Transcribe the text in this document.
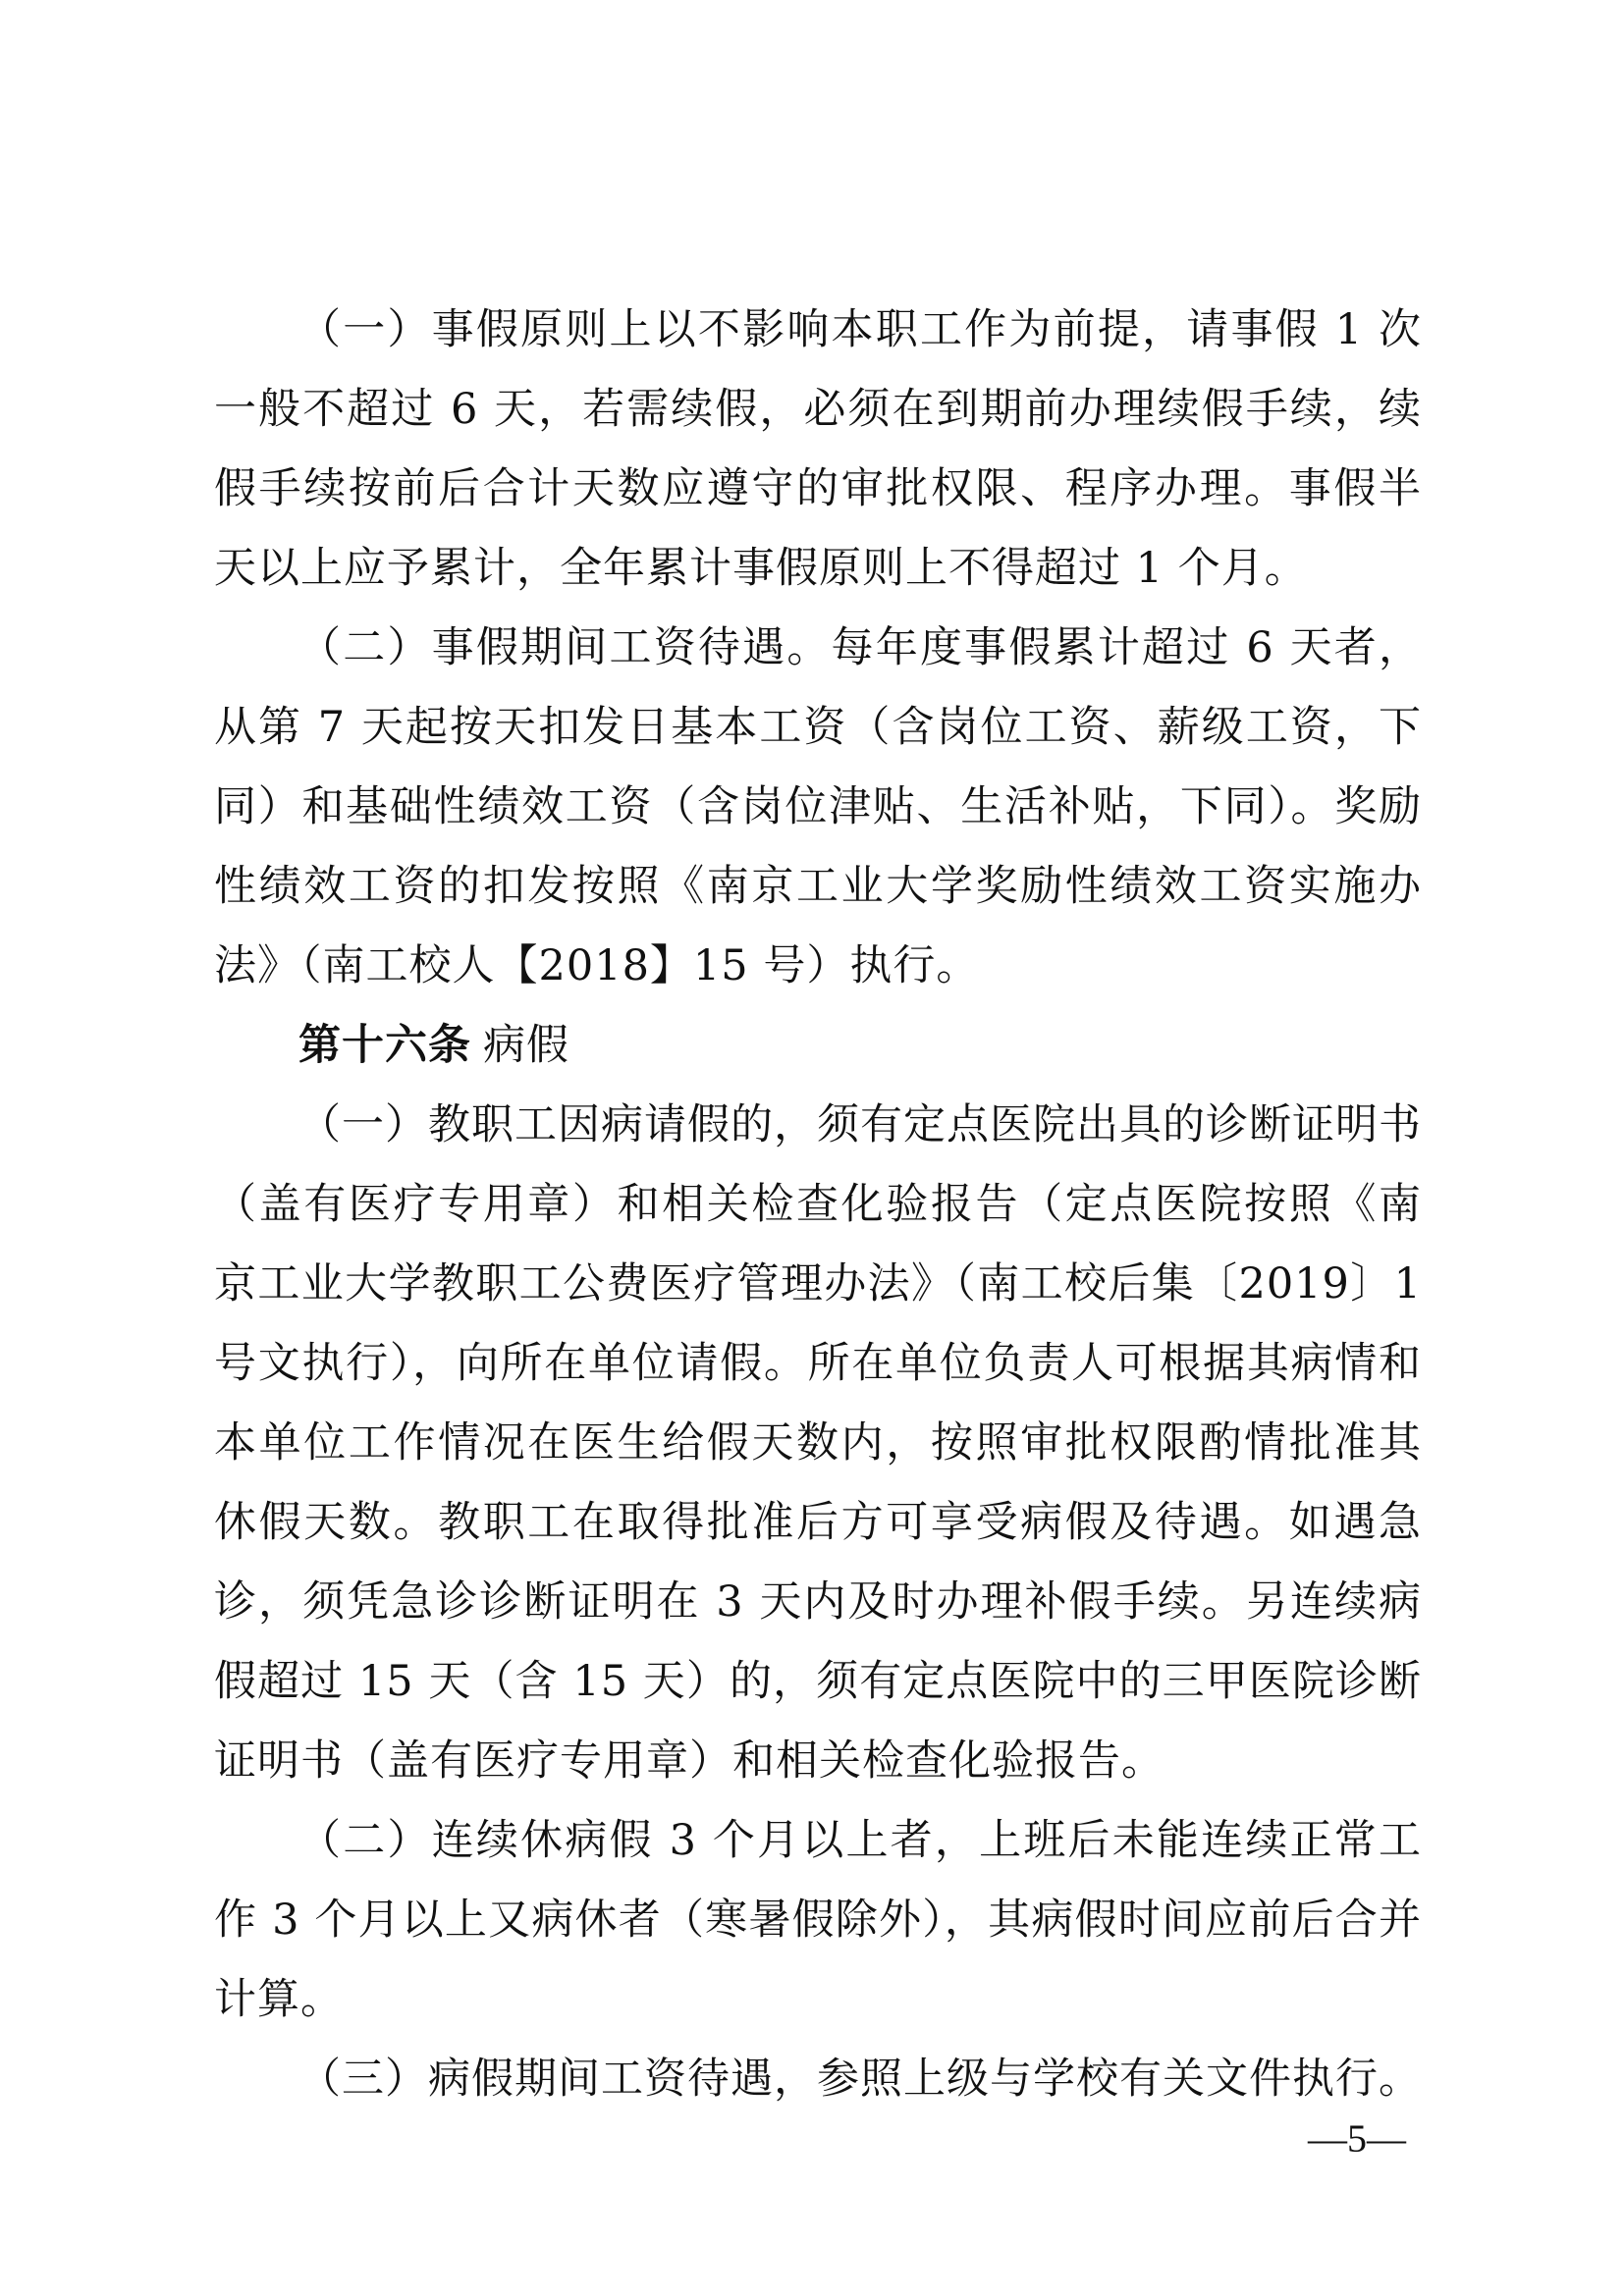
（一）事假原则上以不影响本职工作为前提，请事假 1 次一般不超过 6 天，若需续假，必须在到期前办理续假手续，续假手续按前后合计天数应遵守的审批权限、程序办理。事假半天以上应予累计，全年累计事假原则上不得超过 1 个月。

（二）事假期间工资待遇。每年度事假累计超过 6 天者，从第 7 天起按天扣发日基本工资（含岗位工资、薪级工资，下同）和基础性绩效工资（含岗位津贴、生活补贴，下同）。奖励性绩效工资的扣发按照《南京工业大学奖励性绩效工资实施办法》（南工校人【2018】15 号）执行。

第十六条 病假

（一）教职工因病请假的，须有定点医院出具的诊断证明书（盖有医疗专用章）和相关检查化验报告（定点医院按照《南京工业大学教职工公费医疗管理办法》（南工校后集〔2019〕1 号文执行），向所在单位请假。所在单位负责人可根据其病情和本单位工作情况在医生给假天数内，按照审批权限酌情批准其休假天数。教职工在取得批准后方可享受病假及待遇。如遇急诊，须凭急诊诊断证明在 3 天内及时办理补假手续。另连续病假超过 15 天（含 15 天）的，须有定点医院中的三甲医院诊断证明书（盖有医疗专用章）和相关检查化验报告。

（二）连续休病假 3 个月以上者，上班后未能连续正常工作 3 个月以上又病休者（寒暑假除外），其病假时间应前后合并计算。

（三）病假期间工资待遇，参照上级与学校有关文件执行。

—5—
